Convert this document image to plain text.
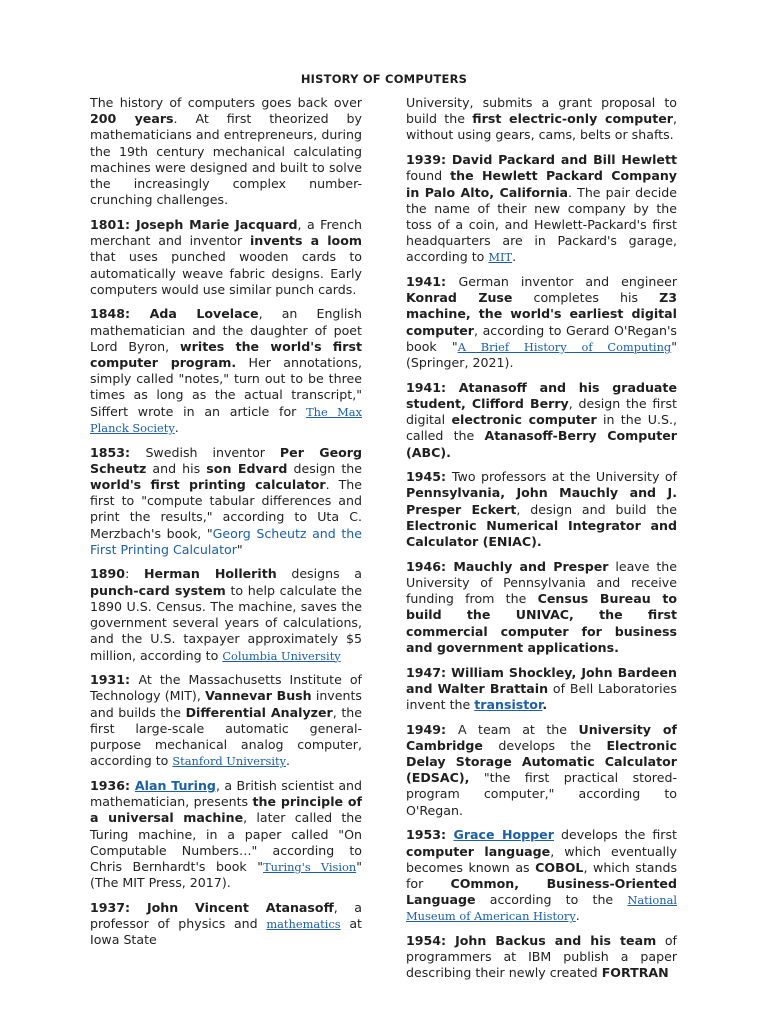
HISTORY OF COMPUTERS

The history of computers goes back over 200 years. At first theorized by mathematicians and entrepreneurs, during the 19th century mechanical calculating machines were designed and built to solve the increasingly complex number-crunching challenges.

1801: Joseph Marie Jacquard, a French merchant and inventor invents a loom that uses punched wooden cards to automatically weave fabric designs. Early computers would use similar punch cards.

1848: Ada Lovelace, an English mathematician and the daughter of poet Lord Byron, writes the world's first computer program. Her annotations, simply called "notes," turn out to be three times as long as the actual transcript," Siffert wrote in an article for The Max Planck Society.

1853: Swedish inventor Per Georg Scheutz and his son Edvard design the world's first printing calculator. The first to "compute tabular differences and print the results," according to Uta C. Merzbach's book, "Georg Scheutz and the First Printing Calculator"

1890: Herman Hollerith designs a punch-card system to help calculate the 1890 U.S. Census. The machine, saves the government several years of calculations, and the U.S. taxpayer approximately $5 million, according to Columbia University

1931: At the Massachusetts Institute of Technology (MIT), Vannevar Bush invents and builds the Differential Analyzer, the first large-scale automatic general-purpose mechanical analog computer, according to Stanford University.

1936: Alan Turing, a British scientist and mathematician, presents the principle of a universal machine, later called the Turing machine, in a paper called "On Computable Numbers…" according to Chris Bernhardt's book "Turing's Vision" (The MIT Press, 2017).

1937: John Vincent Atanasoff, a professor of physics and mathematics at Iowa State

University, submits a grant proposal to build the first electric-only computer, without using gears, cams, belts or shafts.

1939: David Packard and Bill Hewlett found the Hewlett Packard Company in Palo Alto, California. The pair decide the name of their new company by the toss of a coin, and Hewlett-Packard's first headquarters are in Packard's garage, according to MIT.

1941: German inventor and engineer Konrad Zuse completes his Z3 machine, the world's earliest digital computer, according to Gerard O'Regan's book "A Brief History of Computing" (Springer, 2021).

1941: Atanasoff and his graduate student, Clifford Berry, design the first digital electronic computer in the U.S., called the Atanasoff-Berry Computer (ABC).

1945: Two professors at the University of Pennsylvania, John Mauchly and J. Presper Eckert, design and build the Electronic Numerical Integrator and Calculator (ENIAC).

1946: Mauchly and Presper leave the University of Pennsylvania and receive funding from the Census Bureau to build the UNIVAC, the first commercial computer for business and government applications.

1947: William Shockley, John Bardeen and Walter Brattain of Bell Laboratories invent the transistor.

1949: A team at the University of Cambridge develops the Electronic Delay Storage Automatic Calculator (EDSAC), "the first practical stored-program computer," according to O'Regan.

1953: Grace Hopper develops the first computer language, which eventually becomes known as COBOL, which stands for COmmon, Business-Oriented Language according to the National Museum of American History.

1954: John Backus and his team of programmers at IBM publish a paper describing their newly created FORTRAN
